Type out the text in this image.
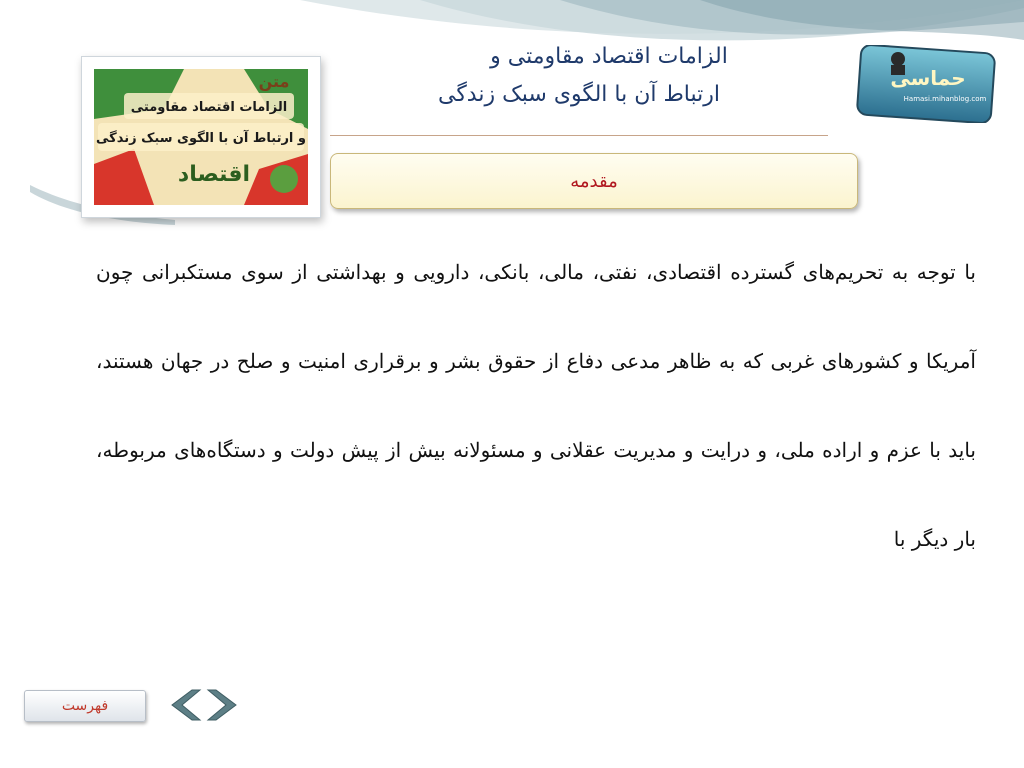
الزامات اقتصاد مقاومتی
و ارتباط آن با الگوی سبک زندگی
متن
اقتصاد
الزامات اقتصاد مقاومتی و
ارتباط آن با الگوی سبک زندگی
مقدمه
حماسی
Hamasi.mihanblog.com

با توجه به تحریم‌های گسترده اقتصادی، نفتی، مالی، بانکی، دارویی و بهداشتی از سوی مستکبرانی چون آمریکا و کشورهای غربی که به ظاهر مدعی دفاع از حقوق بشر و برقراری امنیت و صلح در جهان هستند، باید با عزم و اراده ملی، و درایت و مدیریت عقلانی و مسئولانه بیش از پیش دولت و دستگاه‌های مربوطه، بار دیگر با

فهرست
